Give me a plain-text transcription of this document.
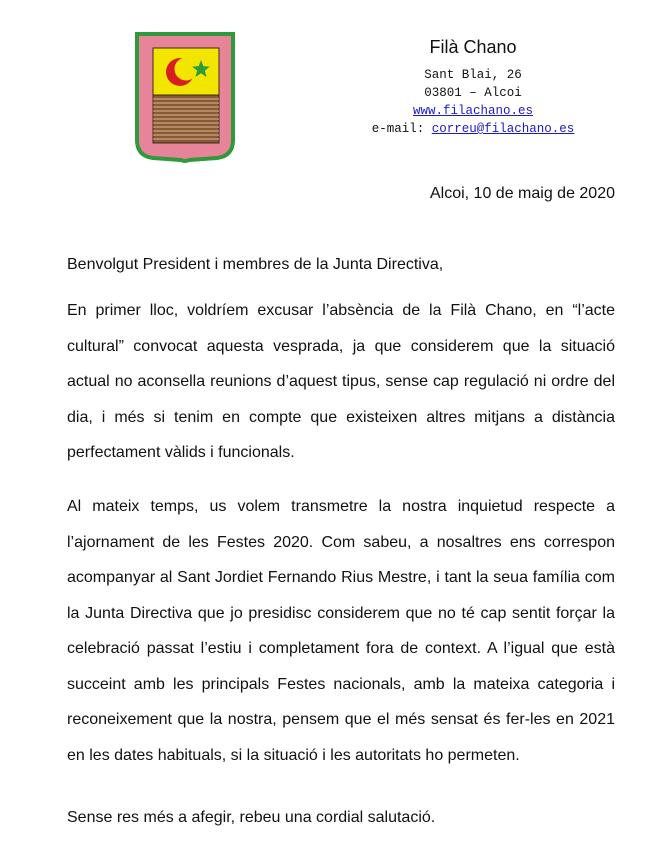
Filà Chano
Sant Blai, 26
03801 – Alcoi
www.filachano.es
e-mail: correu@filachano.es
Alcoi, 10 de maig de 2020

Benvolgut President i membres de la Junta Directiva,

En primer lloc, voldríem excusar l’absència de la Filà Chano, en “l’acte cultural” convocat aquesta vesprada, ja que considerem que la situació actual no aconsella reunions d’aquest tipus, sense cap regulació ni ordre del dia, i més si tenim en compte que existeixen altres mitjans a distància perfectament vàlids i funcionals.

Al mateix temps, us volem transmetre la nostra inquietud respecte a l’ajornament de les Festes 2020. Com sabeu, a nosaltres ens correspon acompanyar al Sant Jordiet Fernando Rius Mestre, i tant la seua família com la Junta Directiva que jo presidisc considerem que no té cap sentit forçar la celebració passat l’estiu i completament fora de context. A l’igual que està succeint amb les principals Festes nacionals, amb la mateixa categoria i reconeixement que la nostra, pensem que el més sensat és fer-les en 2021 en les dates habituals, si la situació i les autoritats ho permeten.

Sense res més a afegir, rebeu una cordial salutació.
